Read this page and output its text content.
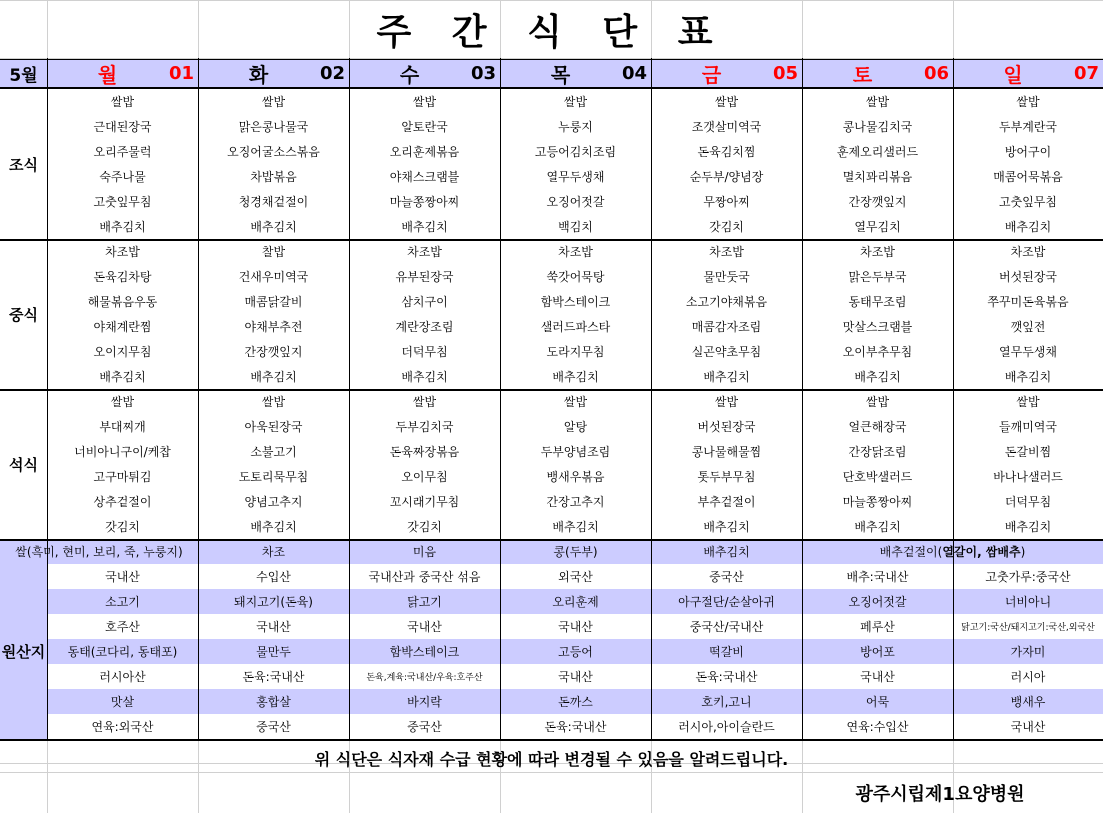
주 간 식 단 표
5월	월	01	화	02	수	03	목	04	금	05	토	06	일	07
조식
쌀밥	쌀밥	쌀밥	쌀밥	쌀밥	쌀밥	쌀밥
근대된장국	맑은콩나물국	알토란국	누룽지	조갯살미역국	콩나물김치국	두부계란국
오리주물럭	오징어굴소스볶음	오리훈제볶음	고등어김치조림	돈육김치찜	훈제오리샐러드	방어구이
숙주나물	차밥볶음	야채스크램블	열무두생채	순두부/양념장	멸치꽈리볶음	매콤어묵볶음
고춧잎무침	청경채겉절이	마늘쫑짱아찌	오징어젓갈	무짱아찌	간장깻잎지	고춧잎무침
배추김치	배추김치	배추김치	백김치	갓김치	열무김치	배추김치
중식
차조밥	찰밥	차조밥	차조밥	차조밥	차조밥	차조밥
돈육김차탕	건새우미역국	유부된장국	쑥갓어묵탕	물만둣국	맑은두부국	버섯된장국
해물볶음우동	매콤닭갈비	삼치구이	함박스테이크	소고기야채볶음	동태무조림	쭈꾸미돈육볶음
야채계란찜	야채부추전	계란장조림	샐러드파스타	매콤감자조림	맛살스크램블	깻잎전
오이지무침	간장깻잎지	더덕무침	도라지무침	실곤약초무침	오이부추무침	열무두생채
배추김치	배추김치	배추김치	배추김치	배추김치	배추김치	배추김치
석식
쌀밥	쌀밥	쌀밥	쌀밥	쌀밥	쌀밥	쌀밥
부대찌개	아욱된장국	두부김치국	알탕	버섯된장국	얼큰해장국	들깨미역국
너비아니구이/케찹	소불고기	돈육짜장볶음	두부양념조림	콩나물해물찜	간장닭조림	돈갈비찜
고구마튀김	도토리묵무침	오이무침	뱅새우볶음	톳두부무침	단호박샐러드	바나나샐러드
상추겉절이	양념고추지	꼬시래기무침	간장고추지	부추겉절이	마늘쫑짱아찌	더덕무침
갓김치	배추김치	갓김치	배추김치	배추김치	배추김치	배추김치
쌀(흑미, 현미, 보리, 죽, 누룽지)	차조	미음	콩(두부)	배추김치	배추겉절이( 열갈이, 쌈배추 )
원산지
국내산	수입산	국내산과 중국산 섞음	외국산	중국산	배추:국내산	고춧가루:중국산
소고기	돼지고기(돈육)	닭고기	오리훈제	아구절단/순살아귀	오징어젓갈	너비아니
호주산	국내산	국내산	국내산	중국산/국내산	페루산	닭고기:국산/돼지고기:국산,외국산
동태(코다리, 동태포)	물만두	함박스테이크	고등어	떡갈비	방어포	가자미
러시아산	돈육:국내산	돈육,계육:국내산/우육:호주산	국내산	돈육:국내산	국내산	러시아
맛살	홍합살	바지락	돈까스	호키,고니	어묵	뱅새우
연육:외국산	중국산	중국산	돈육:국내산	러시아,아이슬란드	연육:수입산	국내산
위 식단은 식자재 수급 현황에 따라 변경될 수 있음을 알려드립니다.
광주시립제1요양병원
